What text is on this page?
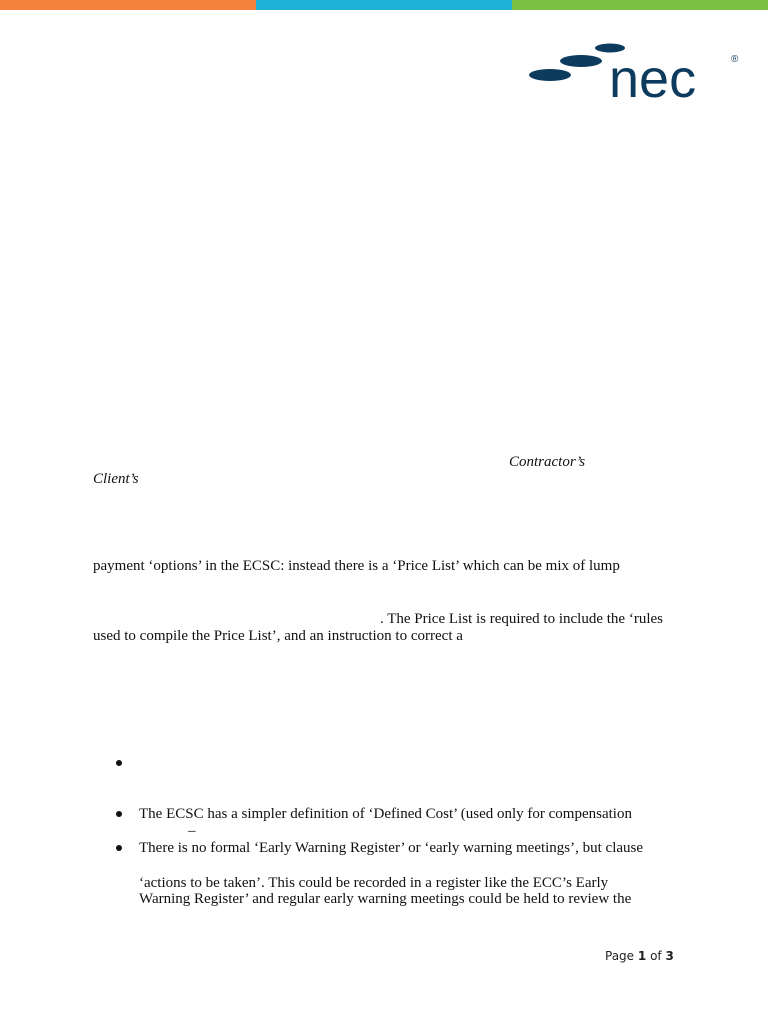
nec	®
Contractor’s
Client’s
payment ‘options’ in the ECSC: instead there is a ‘Price List’ which can be mix of lump
. The Price List is required to include the ‘rules
used to compile the Price List’, and an instruction to correct a
The ECSC has a simpler definition of ‘Defined Cost’ (used only for compensation
–
There is no formal ‘Early Warning Register’ or ‘early warning meetings’, but clause
‘actions to be taken’. This could be recorded in a register like the ECC’s Early
Warning Register’ and regular early warning meetings could be held to review the
Page 1 of 3
